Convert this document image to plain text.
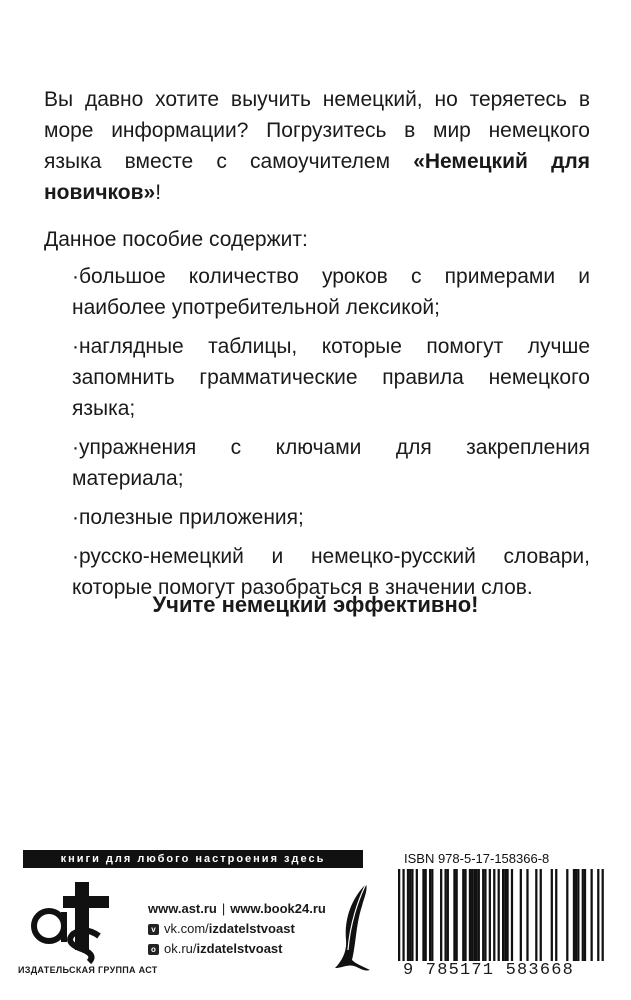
Вы давно хотите выучить немецкий, но теряетесь в море информации? Погрузитесь в мир немецкого языка вместе с самоучителем «Немецкий для новичков»!
Данное пособие содержит:
·большое количество уроков с примерами и наиболее употребительной лексикой;
·наглядные таблицы, которые помогут лучше запомнить грамматические правила немецкого языка;
·упражнения с ключами для закрепления материала;
·полезные приложения;
·русско-немецкий и немецко-русский словари, которые помогут разобраться в значении слов.
Учите немецкий эффективно!
книги для любого настроения здесь
аст
ИЗДАТЕЛЬСКАЯ ГРУППА АСТ
www.ast.ru | www.book24.ru
v vk.com/izdatelstvoast
o ok.ru/izdatelstvoast
ISBN 978-5-17-158366-8
9 785171 583668
